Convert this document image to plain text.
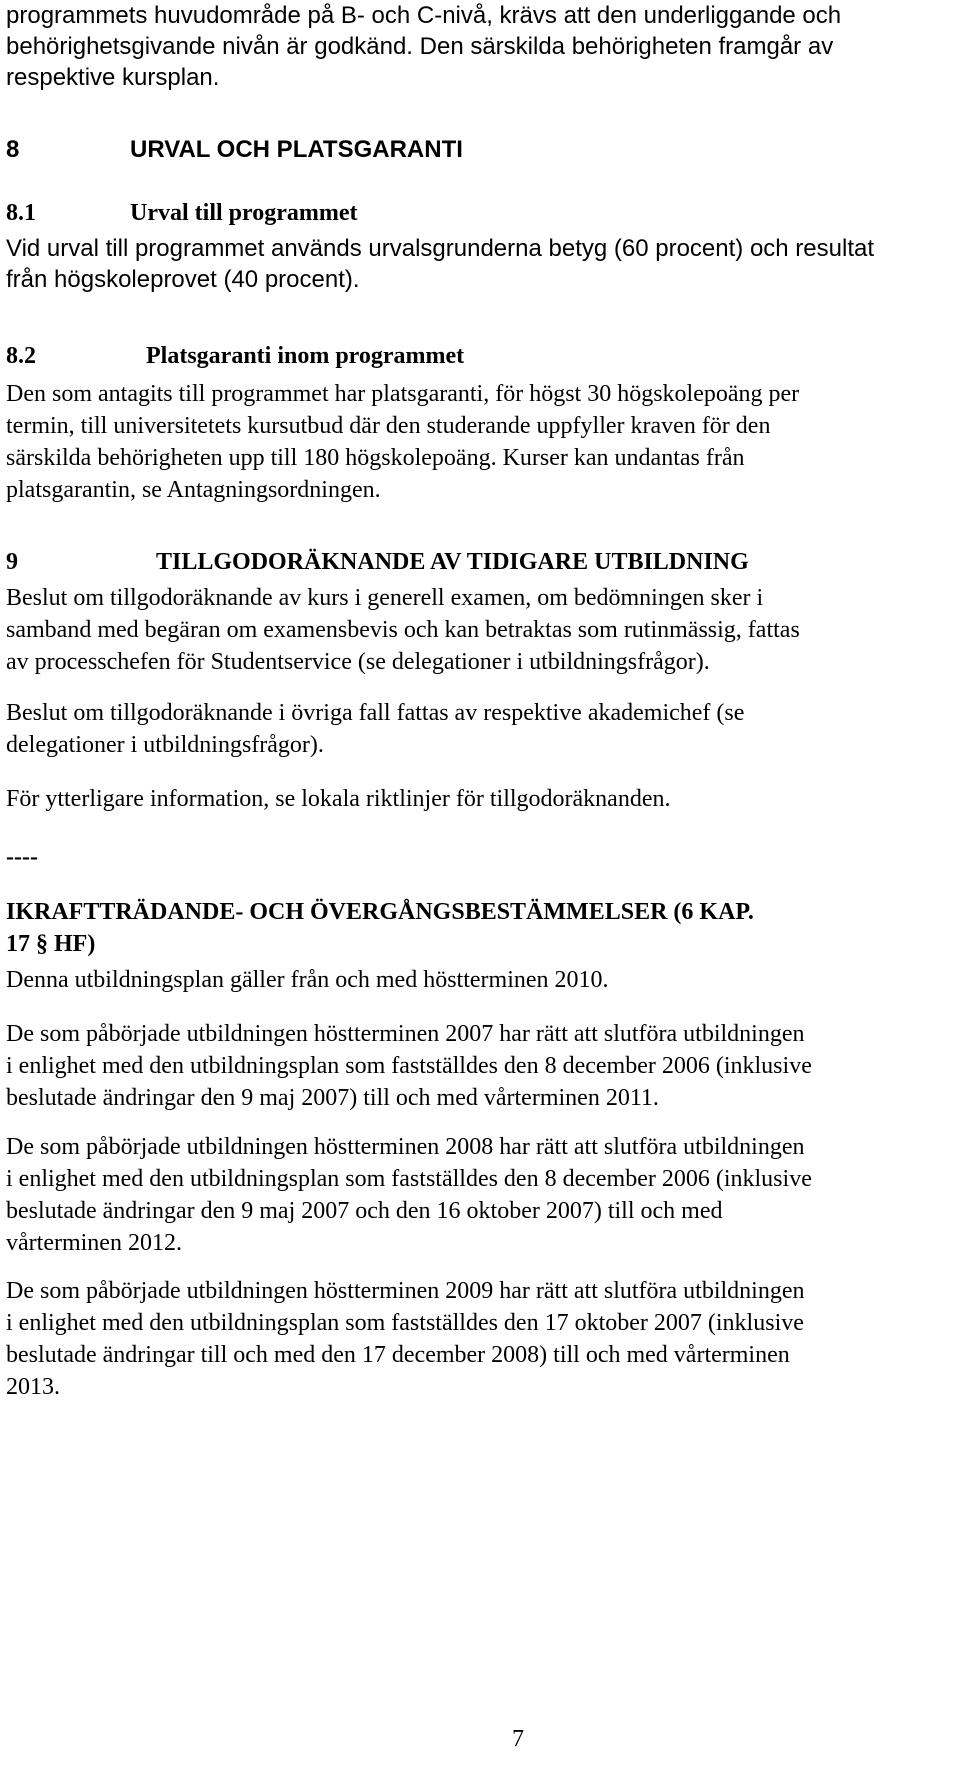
programmets huvudområde på B- och C-nivå, krävs att den underliggande och
behörighetsgivande nivån är godkänd. Den särskilda behörigheten framgår av
respektive kursplan.
8	URVAL OCH PLATSGARANTI
8.1	Urval till programmet
Vid urval till programmet används urvalsgrunderna betyg (60 procent) och resultat
från högskoleprovet (40 procent).
8.2	Platsgaranti inom programmet
Den som antagits till programmet har platsgaranti, för högst 30 högskolepoäng per
termin, till universitetets kursutbud där den studerande uppfyller kraven för den
särskilda behörigheten upp till 180 högskolepoäng. Kurser kan undantas från
platsgarantin, se Antagningsordningen.
9	TILLGODORÄKNANDE AV TIDIGARE UTBILDNING
Beslut om tillgodoräknande av kurs i generell examen, om bedömningen sker i
samband med begäran om examensbevis och kan betraktas som rutinmässig, fattas
av processchefen för Studentservice (se delegationer i utbildningsfrågor).
Beslut om tillgodoräknande i övriga fall fattas av respektive akademichef (se
delegationer i utbildningsfrågor).
För ytterligare information, se lokala riktlinjer för tillgodoräknanden.
----
IKRAFTTRÄDANDE- OCH ÖVERGÅNGSBESTÄMMELSER (6 KAP.
17 § HF)
Denna utbildningsplan gäller från och med höstterminen 2010.
De som påbörjade utbildningen höstterminen 2007 har rätt att slutföra utbildningen
i enlighet med den utbildningsplan som fastställdes den 8 december 2006 (inklusive
beslutade ändringar den 9 maj 2007) till och med vårterminen 2011.
De som påbörjade utbildningen höstterminen 2008 har rätt att slutföra utbildningen
i enlighet med den utbildningsplan som fastställdes den 8 december 2006 (inklusive
beslutade ändringar den 9 maj 2007 och den 16 oktober 2007) till och med
vårterminen 2012.
De som påbörjade utbildningen höstterminen 2009 har rätt att slutföra utbildningen
i enlighet med den utbildningsplan som fastställdes den 17 oktober 2007 (inklusive
beslutade ändringar till och med den 17 december 2008) till och med vårterminen
2013.
7
